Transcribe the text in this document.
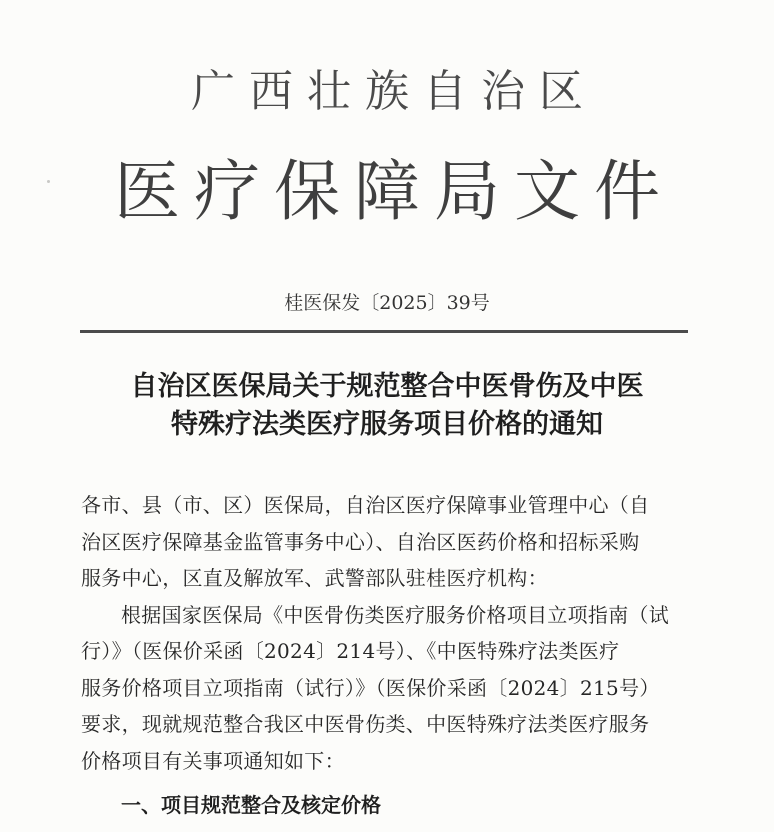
广西壮族自治区
医疗保障局文件
桂医保发〔2025〕39号
自治区医保局关于规范整合中医骨伤及中医
特殊疗法类医疗服务项目价格的通知
各市、县（市、区）医保局，自治区医疗保障事业管理中心（自
治区医疗保障基金监管事务中心）、自治区医药价格和招标采购
服务中心，区直及解放军、武警部队驻桂医疗机构：
根据国家医保局《中医骨伤类医疗服务价格项目立项指南（试
行）》（医保价采函〔2024〕214号）、《中医特殊疗法类医疗
服务价格项目立项指南（试行）》（医保价采函〔2024〕215号）
要求，现就规范整合我区中医骨伤类、中医特殊疗法类医疗服务
价格项目有关事项通知如下：
一、项目规范整合及核定价格
